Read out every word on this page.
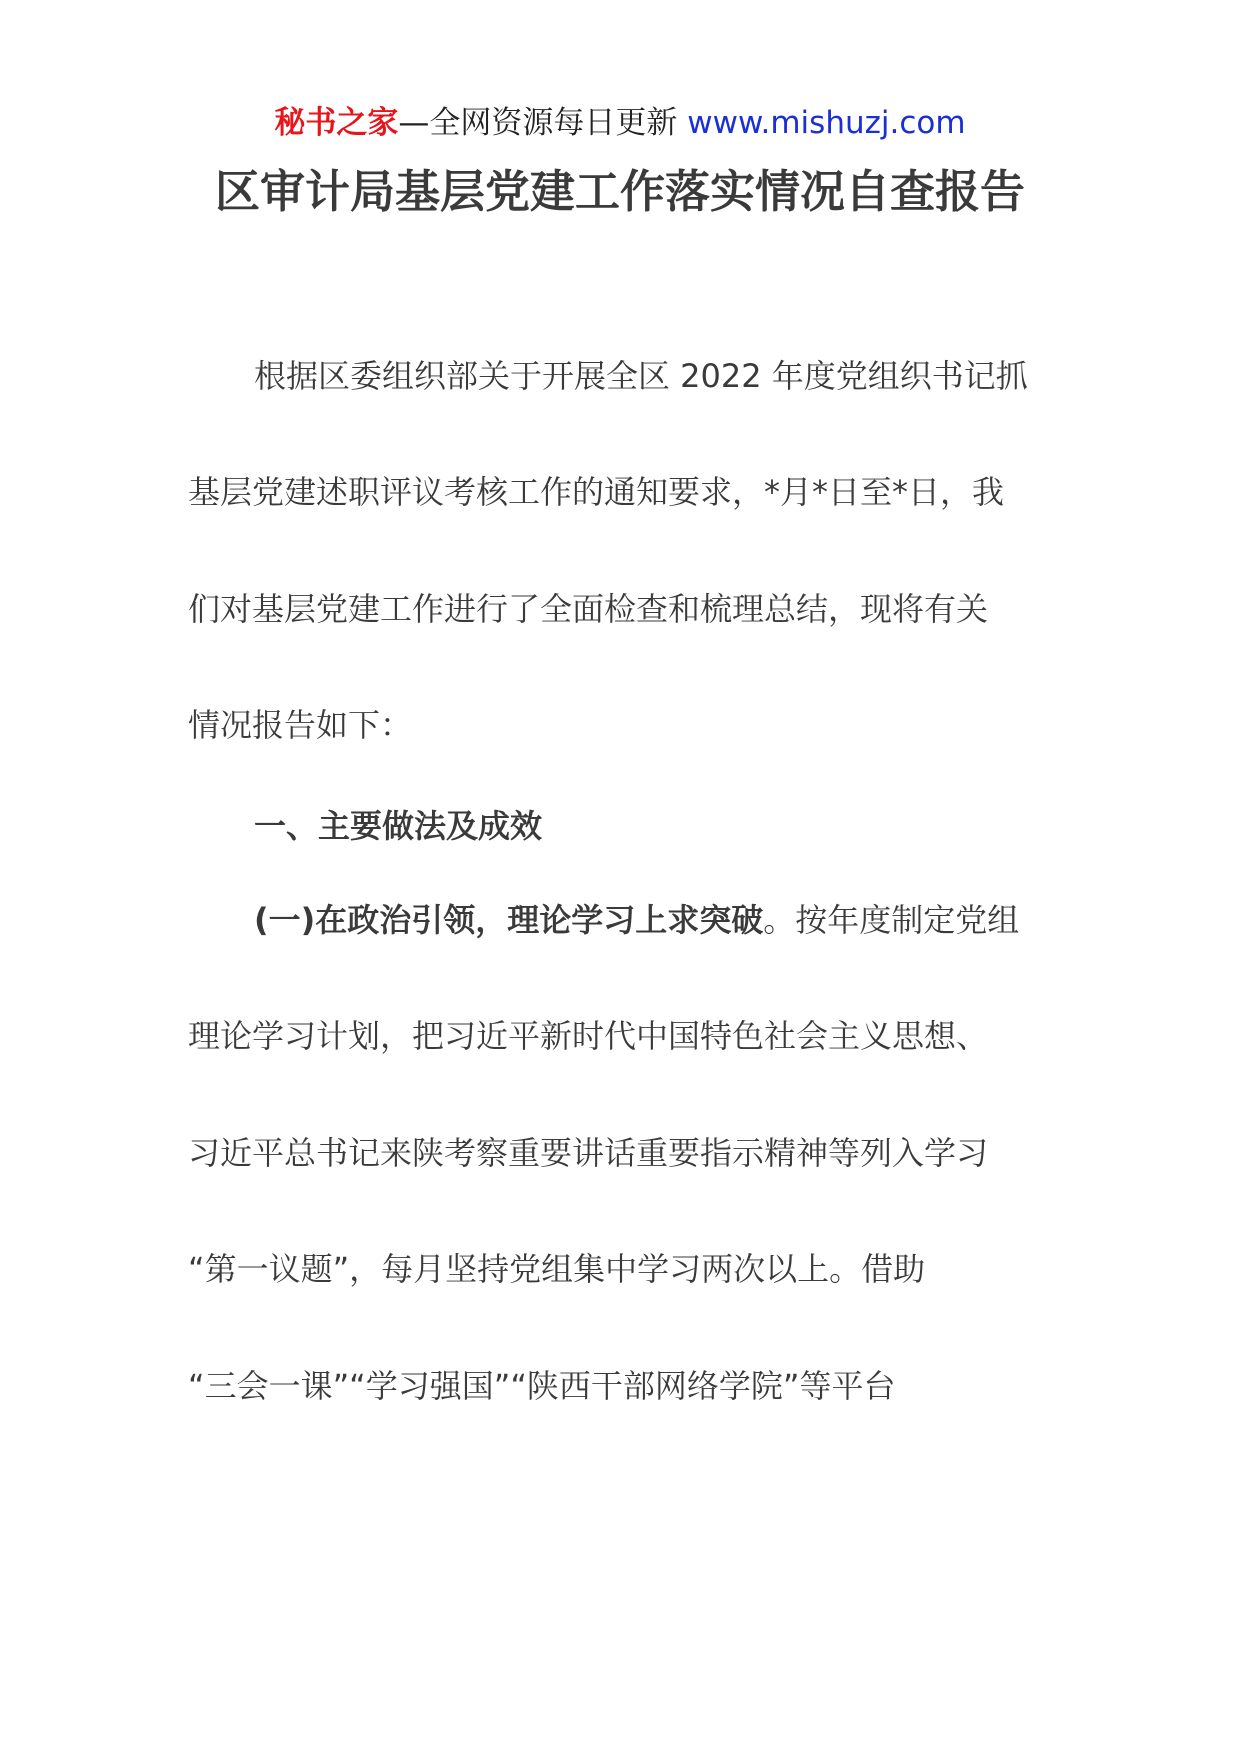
秘书之家—全网资源每日更新 www.mishuzj.com
区审计局基层党建工作落实情况自查报告
根据区委组织部关于开展全区 2022 年度党组织书记抓
基层党建述职评议考核工作的通知要求，*月*日至*日，我
们对基层党建工作进行了全面检查和梳理总结，现将有关
情况报告如下：
一、主要做法及成效
(一)在政治引领，理论学习上求突破。按年度制定党组
理论学习计划，把习近平新时代中国特色社会主义思想、
习近平总书记来陕考察重要讲话重要指示精神等列入学习
“第一议题”，每月坚持党组集中学习两次以上。借助
“三会一课”“学习强国”“陕西干部网络学院”等平台
